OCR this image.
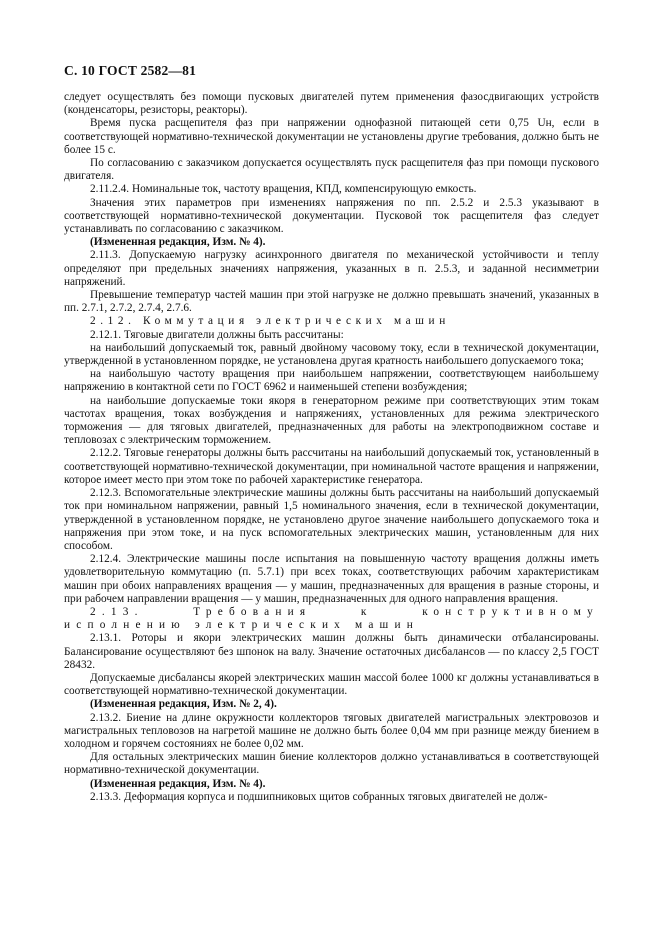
С. 10 ГОСТ 2582—81

следует осуществлять без помощи пусковых двигателей путем применения фазосдвигающих устройств (конденсаторы, резисторы, реакторы).

Время пуска расщепителя фаз при напряжении однофазной питающей сети 0,75 Uн, если в соответствующей нормативно-технической документации не установлены другие требования, должно быть не более 15 с.

По согласованию с заказчиком допускается осуществлять пуск расщепителя фаз при помощи пускового двигателя.

2.11.2.4. Номинальные ток, частоту вращения, КПД, компенсирующую емкость.

Значения этих параметров при изменениях напряжения по пп. 2.5.2 и 2.5.3 указывают в соответствующей нормативно-технической документации. Пусковой ток расщепителя фаз следует устанавливать по согласованию с заказчиком.

(Измененная редакция, Изм. № 4).

2.11.3. Допускаемую нагрузку асинхронного двигателя по механической устойчивости и теплу определяют при предельных значениях напряжения, указанных в п. 2.5.3, и заданной несимметрии напряжений.

Превышение температур частей машин при этой нагрузке не должно превышать значений, указанных в пп. 2.7.1, 2.7.2, 2.7.4, 2.7.6.

2.12. Коммутация электрических машин

2.12.1. Тяговые двигатели должны быть рассчитаны:

на наибольший допускаемый ток, равный двойному часовому току, если в технической документации, утвержденной в установленном порядке, не установлена другая кратность наибольшего допускаемого тока;

на наибольшую частоту вращения при наибольшем напряжении, соответствующем наибольшему напряжению в контактной сети по ГОСТ 6962 и наименьшей степени возбуждения;

на наибольшие допускаемые токи якоря в генераторном режиме при соответствующих этим токам частотах вращения, токах возбуждения и напряжениях, установленных для режима электрического торможения — для тяговых двигателей, предназначенных для работы на электроподвижном составе и тепловозах с электрическим торможением.

2.12.2. Тяговые генераторы должны быть рассчитаны на наибольший допускаемый ток, установленный в соответствующей нормативно-технической документации, при номинальной частоте вращения и напряжении, которое имеет место при этом токе по рабочей характеристике генератора.

2.12.3. Вспомогательные электрические машины должны быть рассчитаны на наибольший допускаемый ток при номинальном напряжении, равный 1,5 номинального значения, если в технической документации, утвержденной в установленном порядке, не установлено другое значение наибольшего допускаемого тока и напряжения при этом токе, и на пуск вспомогательных электрических машин, установленным для них способом.

2.12.4. Электрические машины после испытания на повышенную частоту вращения должны иметь удовлетворительную коммутацию (п. 5.7.1) при всех токах, соответствующих рабочим характеристикам машин при обоих направлениях вращения — у машин, предназначенных для вращения в разные стороны, и при рабочем направлении вращения — у машин, предназначенных для одного направления вращения.

2.13. Требования к конструктивному исполнению электрических машин

2.13.1. Роторы и якори электрических машин должны быть динамически отбалансированы. Балансирование осуществляют без шпонок на валу. Значение остаточных дисбалансов — по классу 2,5 ГОСТ 28432.

Допускаемые дисбалансы якорей электрических машин массой более 1000 кг должны устанавливаться в соответствующей нормативно-технической документации.

(Измененная редакция, Изм. № 2, 4).

2.13.2. Биение на длине окружности коллекторов тяговых двигателей магистральных электровозов и магистральных тепловозов на нагретой машине не должно быть более 0,04 мм при разнице между биением в холодном и горячем состояниях не более 0,02 мм.

Для остальных электрических машин биение коллекторов должно устанавливаться в соответствующей нормативно-технической документации.

(Измененная редакция, Изм. № 4).

2.13.3. Деформация корпуса и подшипниковых щитов собранных тяговых двигателей не долж-
